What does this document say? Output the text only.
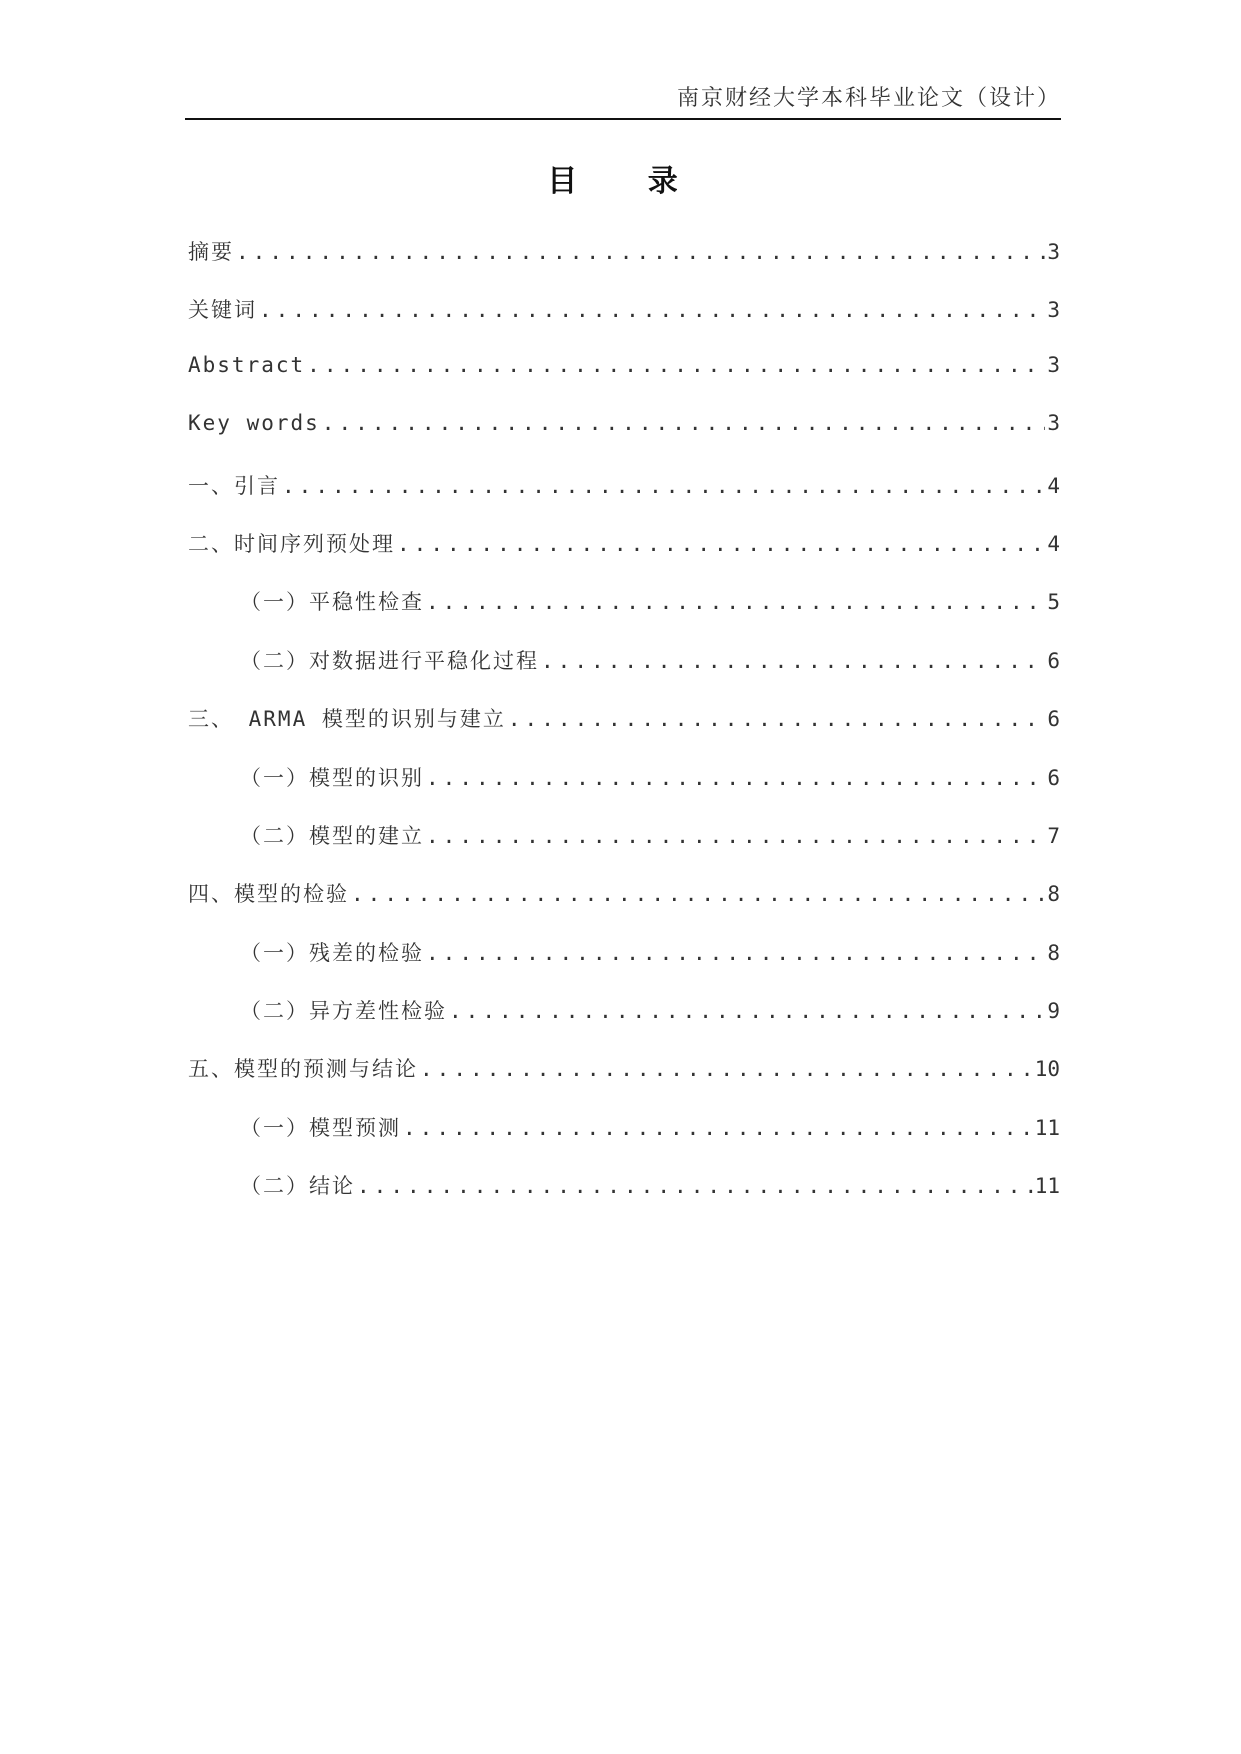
南京财经大学本科毕业论文（设计）
目 录
摘要 . . .	3
关键词 . . .	3
Abstract . . .	3
Key words . . .	3
一、引言 . . .	4
二、时间序列预处理 . . .	4
（一）平稳性检查 . . .	5
（二）对数据进行平稳化过程 . . .	6
三、 ARMA 模型的识别与建立 . . .	6
（一）模型的识别 . . .	6
（二）模型的建立 . . .	7
四、模型的检验 . . .	8
（一）残差的检验 . . .	8
（二）异方差性检验 . . .	9
五、模型的预测与结论 . . .	10
（一）模型预测 . . .	11
（二）结论 . . .	11
